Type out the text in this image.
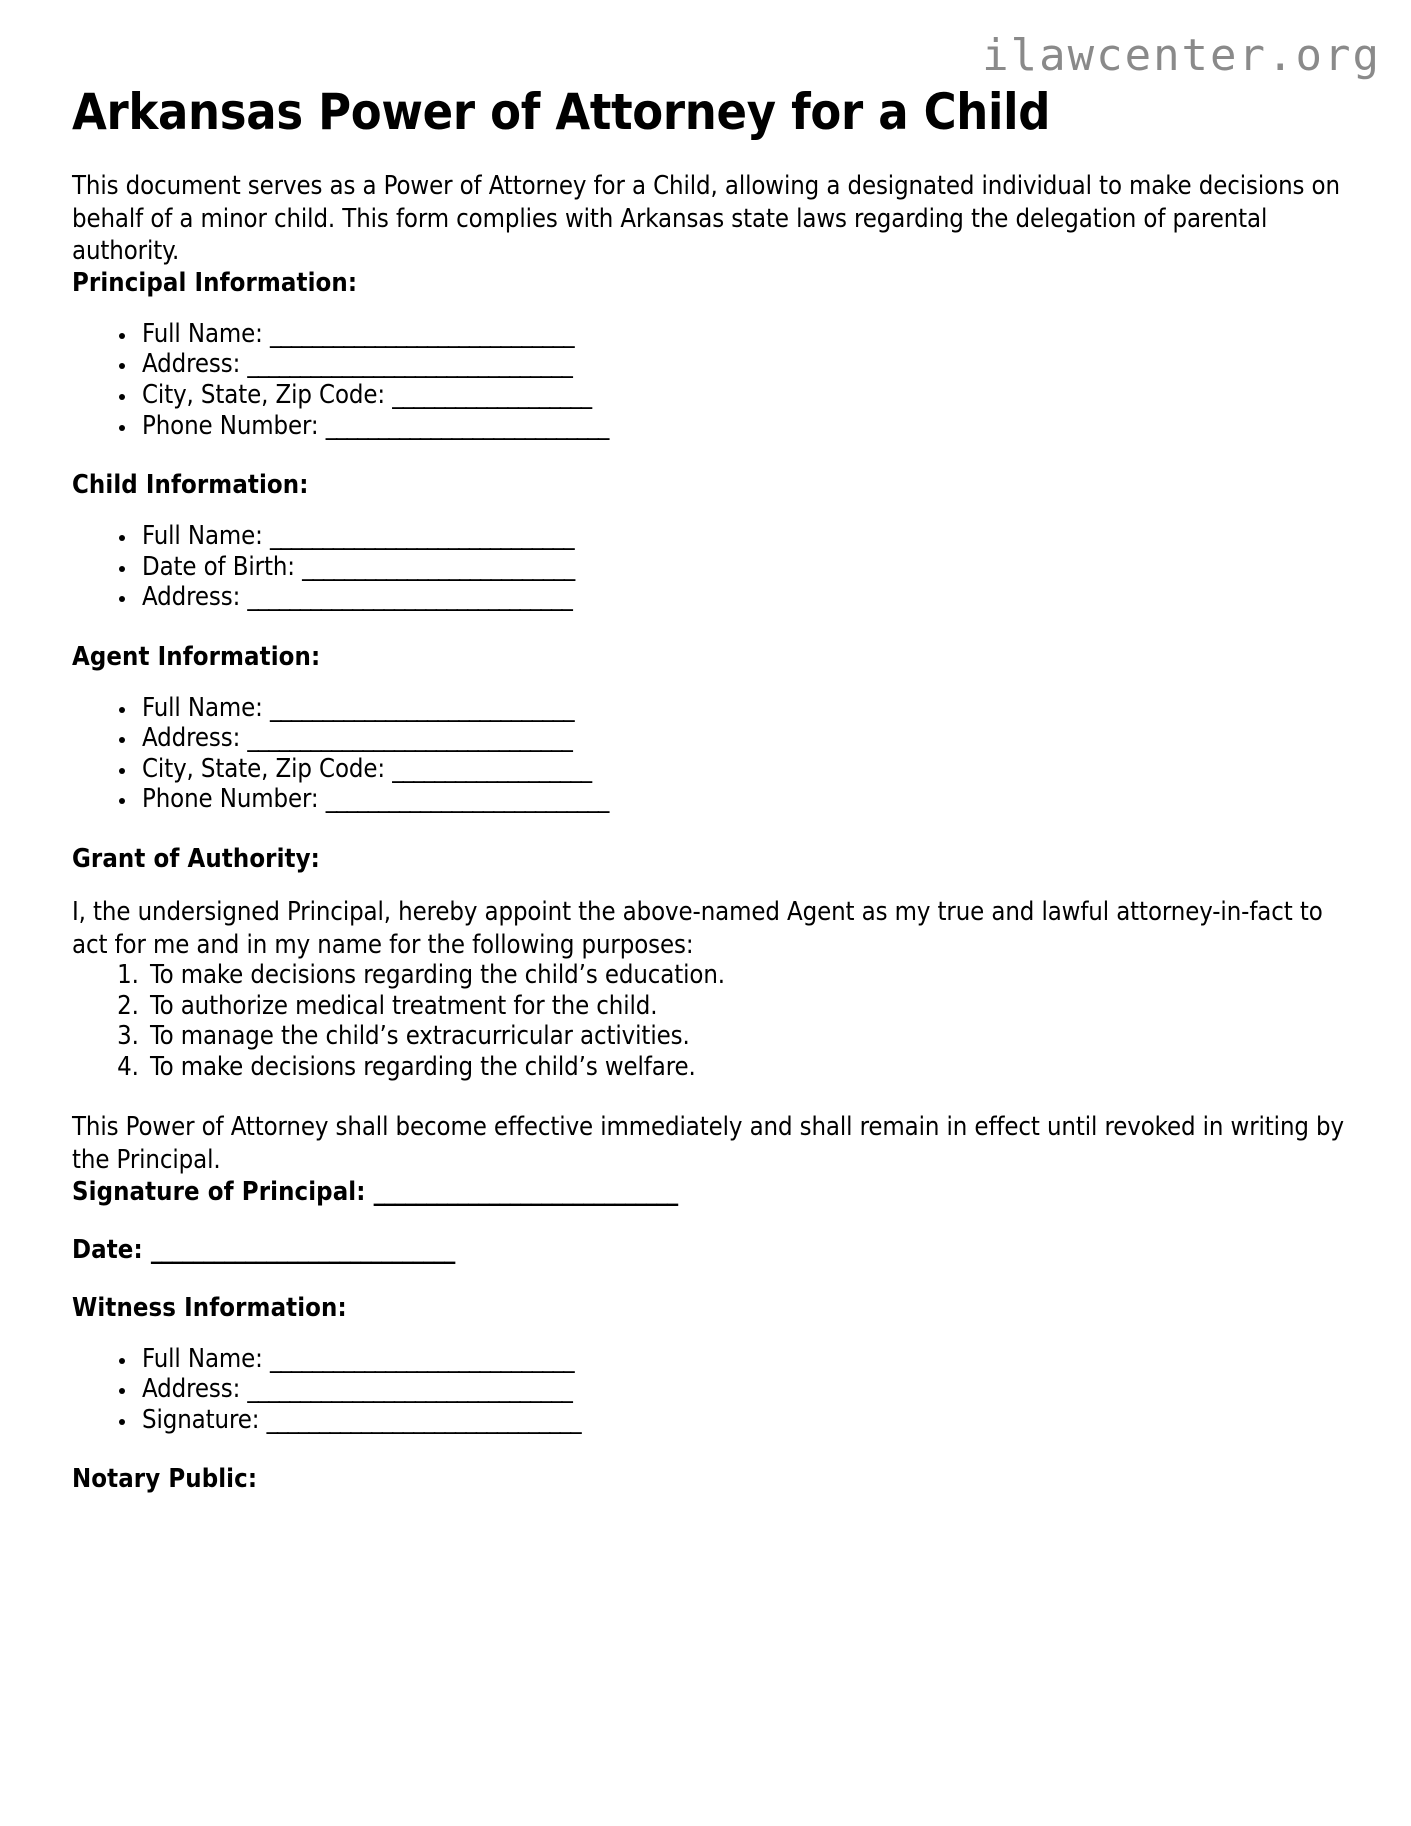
ilawcenter.org
Arkansas Power of Attorney for a Child

This document serves as a Power of Attorney for a Child, allowing a designated individual to make decisions on behalf of a minor child. This form complies with Arkansas state laws regarding the delegation of parental authority.

Principal Information:
• Full Name: _____________________________
• Address: _______________________________
• City, State, Zip Code: ___________________
• Phone Number: ___________________________
Child Information:
• Full Name: _____________________________
• Date of Birth: __________________________
• Address: _______________________________
Agent Information:
• Full Name: _____________________________
• Address: _______________________________
• City, State, Zip Code: ___________________
• Phone Number: ___________________________
Grant of Authority:

I, the undersigned Principal, hereby appoint the above-named Agent as my true and lawful attorney-in-fact to act for me and in my name for the following purposes:

1. To make decisions regarding the child’s education.
2. To authorize medical treatment for the child.
3. To manage the child’s extracurricular activities.
4. To make decisions regarding the child’s welfare.

This Power of Attorney shall become effective immediately and shall remain in effect until revoked in writing by the Principal.

Signature of Principal: _____________________________

Date: _____________________________

Witness Information:
• Full Name: _____________________________
• Address: _______________________________
• Signature: ______________________________
Notary Public:
